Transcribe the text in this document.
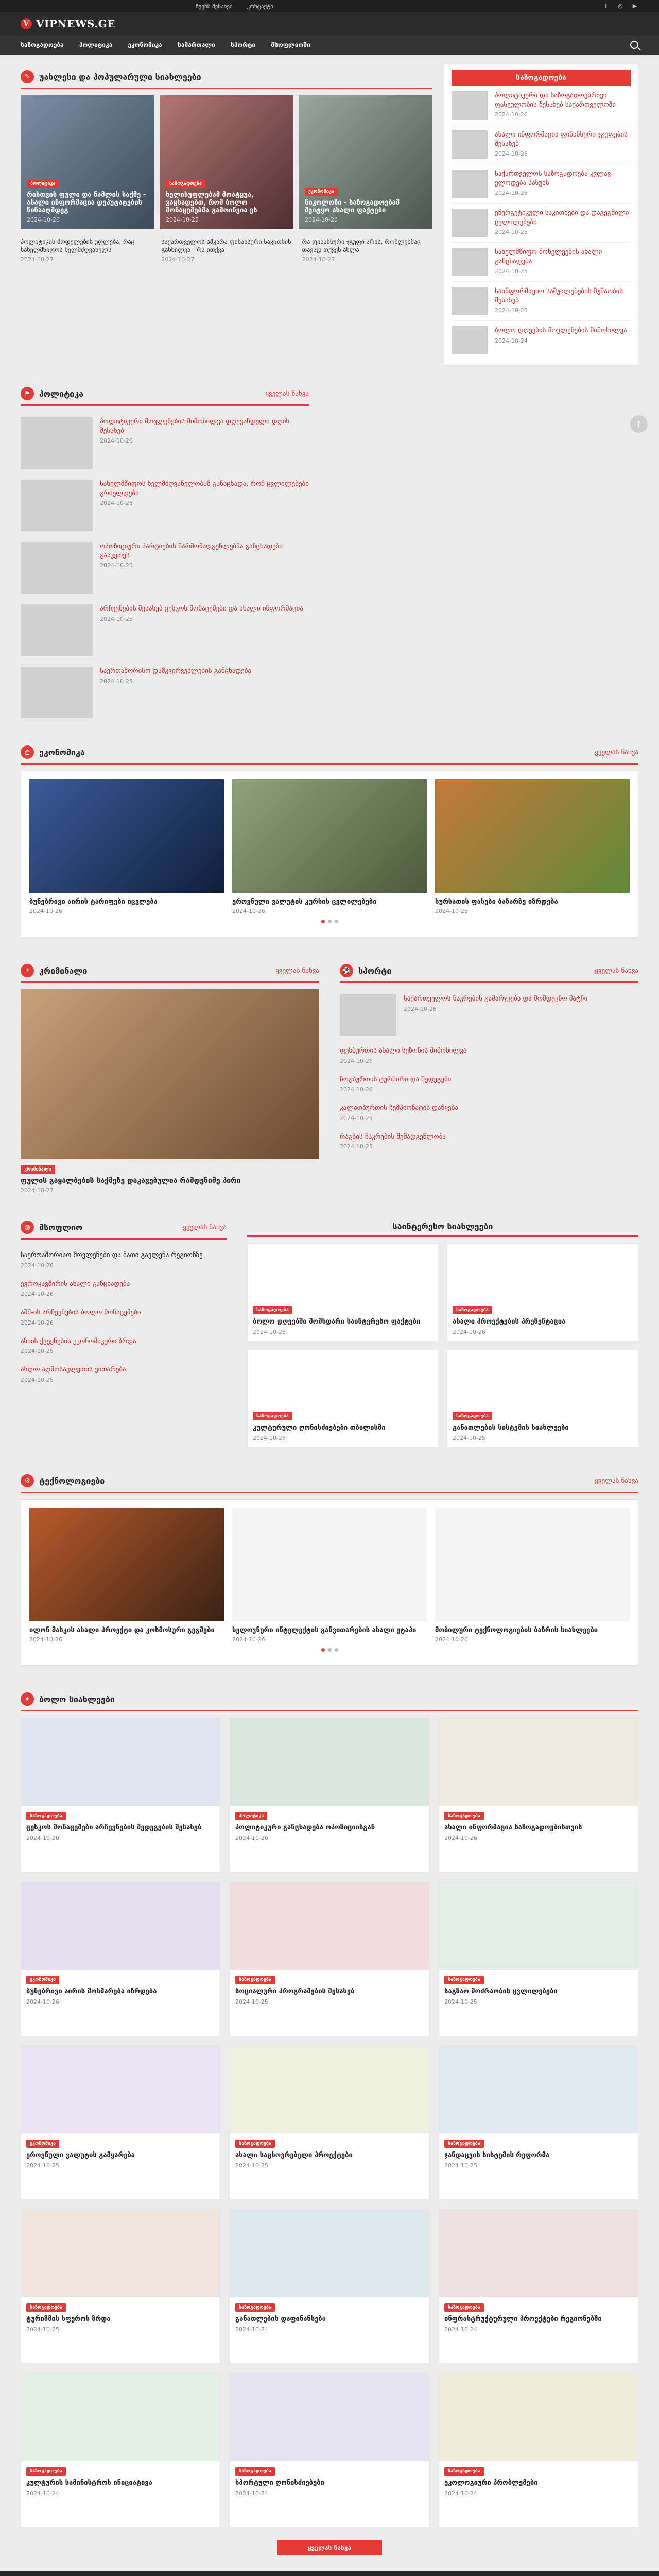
ჩვენს შესახებ	კონტაქტი	f	◎ ▶
V VIPNEWS.GE
საზოგადოება	პოლიტიკა	ეკონომიკა	სამართალი	სპორტი	მსოფლიოში
↑
✎	უახლესი და პოპულარული სიახლეები
პოლიტიკა
რისთვის ფული და წამლის საქმე - ახალი ინფორმაცია დეპუტატების წინააღმდეგ
2024-10-26
საზოგადოება
ხელისუფლებამ მოატყუა, ვაცხადებთ, რომ ბოლო მონაცემებმა გამოიწვია ეს
2024-10-25
ეკონომიკა
ნიკოლოზი - საზოგადოებამ შეიტყო ახალი ფაქტები
2024-10-26
პოლიტიკის მოდელების უფლება, რაც სახელმწიფოს ხელმძღვანელს
2024-10-27
საქართველოს აშკარა ფინანსური საკითხის განხილვა - რა ითქვა
2024-10-27
რა ფინანსური ჯგუფი არის, რომლებმაც თავად თქვეს ახლა
2024-10-27
საზოგადოება
პოლიტიკური და საზოგადოებრივი ფასეულობის შესახებ საქართველოში
2024-10-26
ახალი ინფორმაცია ფინანსური ჯგუფების შესახებ
2024-10-26
საქართველოს საზოგადოება კვლავ ელოდება პასუხს
2024-10-26
ენერგეტიკული საკითხები და დაგეგმილი ცვლილებები
2024-10-25
სახელმწიფო მოხელეების ახალი განცხადება
2024-10-25
საინფორმაციო საშუალებების მუშაობის შესახებ
2024-10-25
ბოლო დღეების მოვლენების მიმოხილვა
2024-10-24
⚑	პოლიტიკა	ყველას ნახვა
პოლიტიკური მოვლენების მიმოხილვა დღევანდელი დღის შესახებ
2024-10-26
სახელმწიფოს ხელმძღვანელობამ განაცხადა, რომ ცვლილებები გრძელდება
2024-10-26
ოპოზიციური პარტიების წარმომადგენლებმა განცხადება გააკეთეს
2024-10-25
არჩევნების შესახებ ცესკოს მონაცემები და ახალი ინფორმაცია
2024-10-25
საერთაშორისო დამკვირვებლების განცხადება
2024-10-25
₾	ეკონომიკა	ყველას ნახვა
ბუნებრივი აირის ტარიფები იცვლება
2024-10-26
ეროვნული ვალუტის კურსის ცვლილებები
2024-10-26
სურსათის ფასები ბაზარზე იზრდება
2024-10-26
⚡	კრიმინალი	ყველას ნახვა
კრიმინალი
ფულის გაყალბების საქმეზე დაკავებულია რამდენიმე პირი
2024-10-27
⚽ სპორტი	ყველას ნახვა
საქართველოს ნაკრების გამარჯვება და მომდევნო მატჩი
2024-10-26
ფეხბურთის ახალი სეზონის მიმოხილვა
2024-10-26
ჩოგბურთის ტურნირი და შედეგები
2024-10-26
კალათბურთის ჩემპიონატის დაწყება
2024-10-25
რაგბის ნაკრების შემადგენლობა
2024-10-25
◍	მსოფლიო	ყველას ნახვა
საერთაშორისო მოვლენები და მათი გავლენა რეგიონზე
2024-10-26
ევროკავშირის ახალი განცხადება
2024-10-26
აშშ-ის არჩევნების ბოლო მონაცემები
2024-10-26
აზიის ქვეყნების ეკონომიკური ზრდა
2024-10-25
ახლო აღმოსავლეთის ვითარება
2024-10-25
საინტერესო სიახლეები
საზოგადოება
ბოლო დღეებში მომხდარი საინტერესო ფაქტები
2024-10-26
საზოგადოება
ახალი პროექტების პრეზენტაცია
2024-10-26
საზოგადოება
კულტურული ღონისძიებები თბილისში
2024-10-26
საზოგადოება
განათლების სისტემის სიახლეები
2024-10-25
⚙	ტექნოლოგიები	ყველას ნახვა
ილონ მასკის ახალი პროექტი და კოსმოსური გეგმები
2024-10-26
ხელოვნური ინტელექტის განვითარების ახალი ეტაპი
2024-10-26
მობილური ტექნოლოგიების ბაზრის სიახლეები
2024-10-26
✦	ბოლო სიახლეები
საზოგადოება
ცესკოს მონაცემები არჩევნების შედეგების შესახებ
2024-10-26
პოლიტიკა
პოლიტიკური განცხადება ოპოზიციისგან
2024-10-26
საზოგადოება
ახალი ინფორმაცია საზოგადოებისთვის
2024-10-26
ეკონომიკა
ბუნებრივი აირის მოხმარება იზრდება
2024-10-26
საზოგადოება
სოციალური პროგრამების შესახებ
2024-10-25
საზოგადოება
საგზაო მოძრაობის ცვლილებები
2024-10-25
ეკონომიკა
ეროვნული ვალუტის გამყარება
2024-10-25
საზოგადოება
ახალი საცხოვრებელი პროექტები
2024-10-25
საზოგადოება
ჯანდაცვის სისტემის რეფორმა
2024-10-25
საზოგადოება
ტურიზმის სფეროს ზრდა
2024-10-25
საზოგადოება
განათლების დაფინანსება
2024-10-24
საზოგადოება
ინფრასტრუქტურული პროექტები რეგიონებში
2024-10-24
საზოგადოება
კულტურის სამინისტროს ინიციატივა
2024-10-24
საზოგადოება
სპორტული ღონისძიებები
2024-10-24
საზოგადოება
ეკოლოგიური პრობლემები
2024-10-24
ყველას ნახვა
